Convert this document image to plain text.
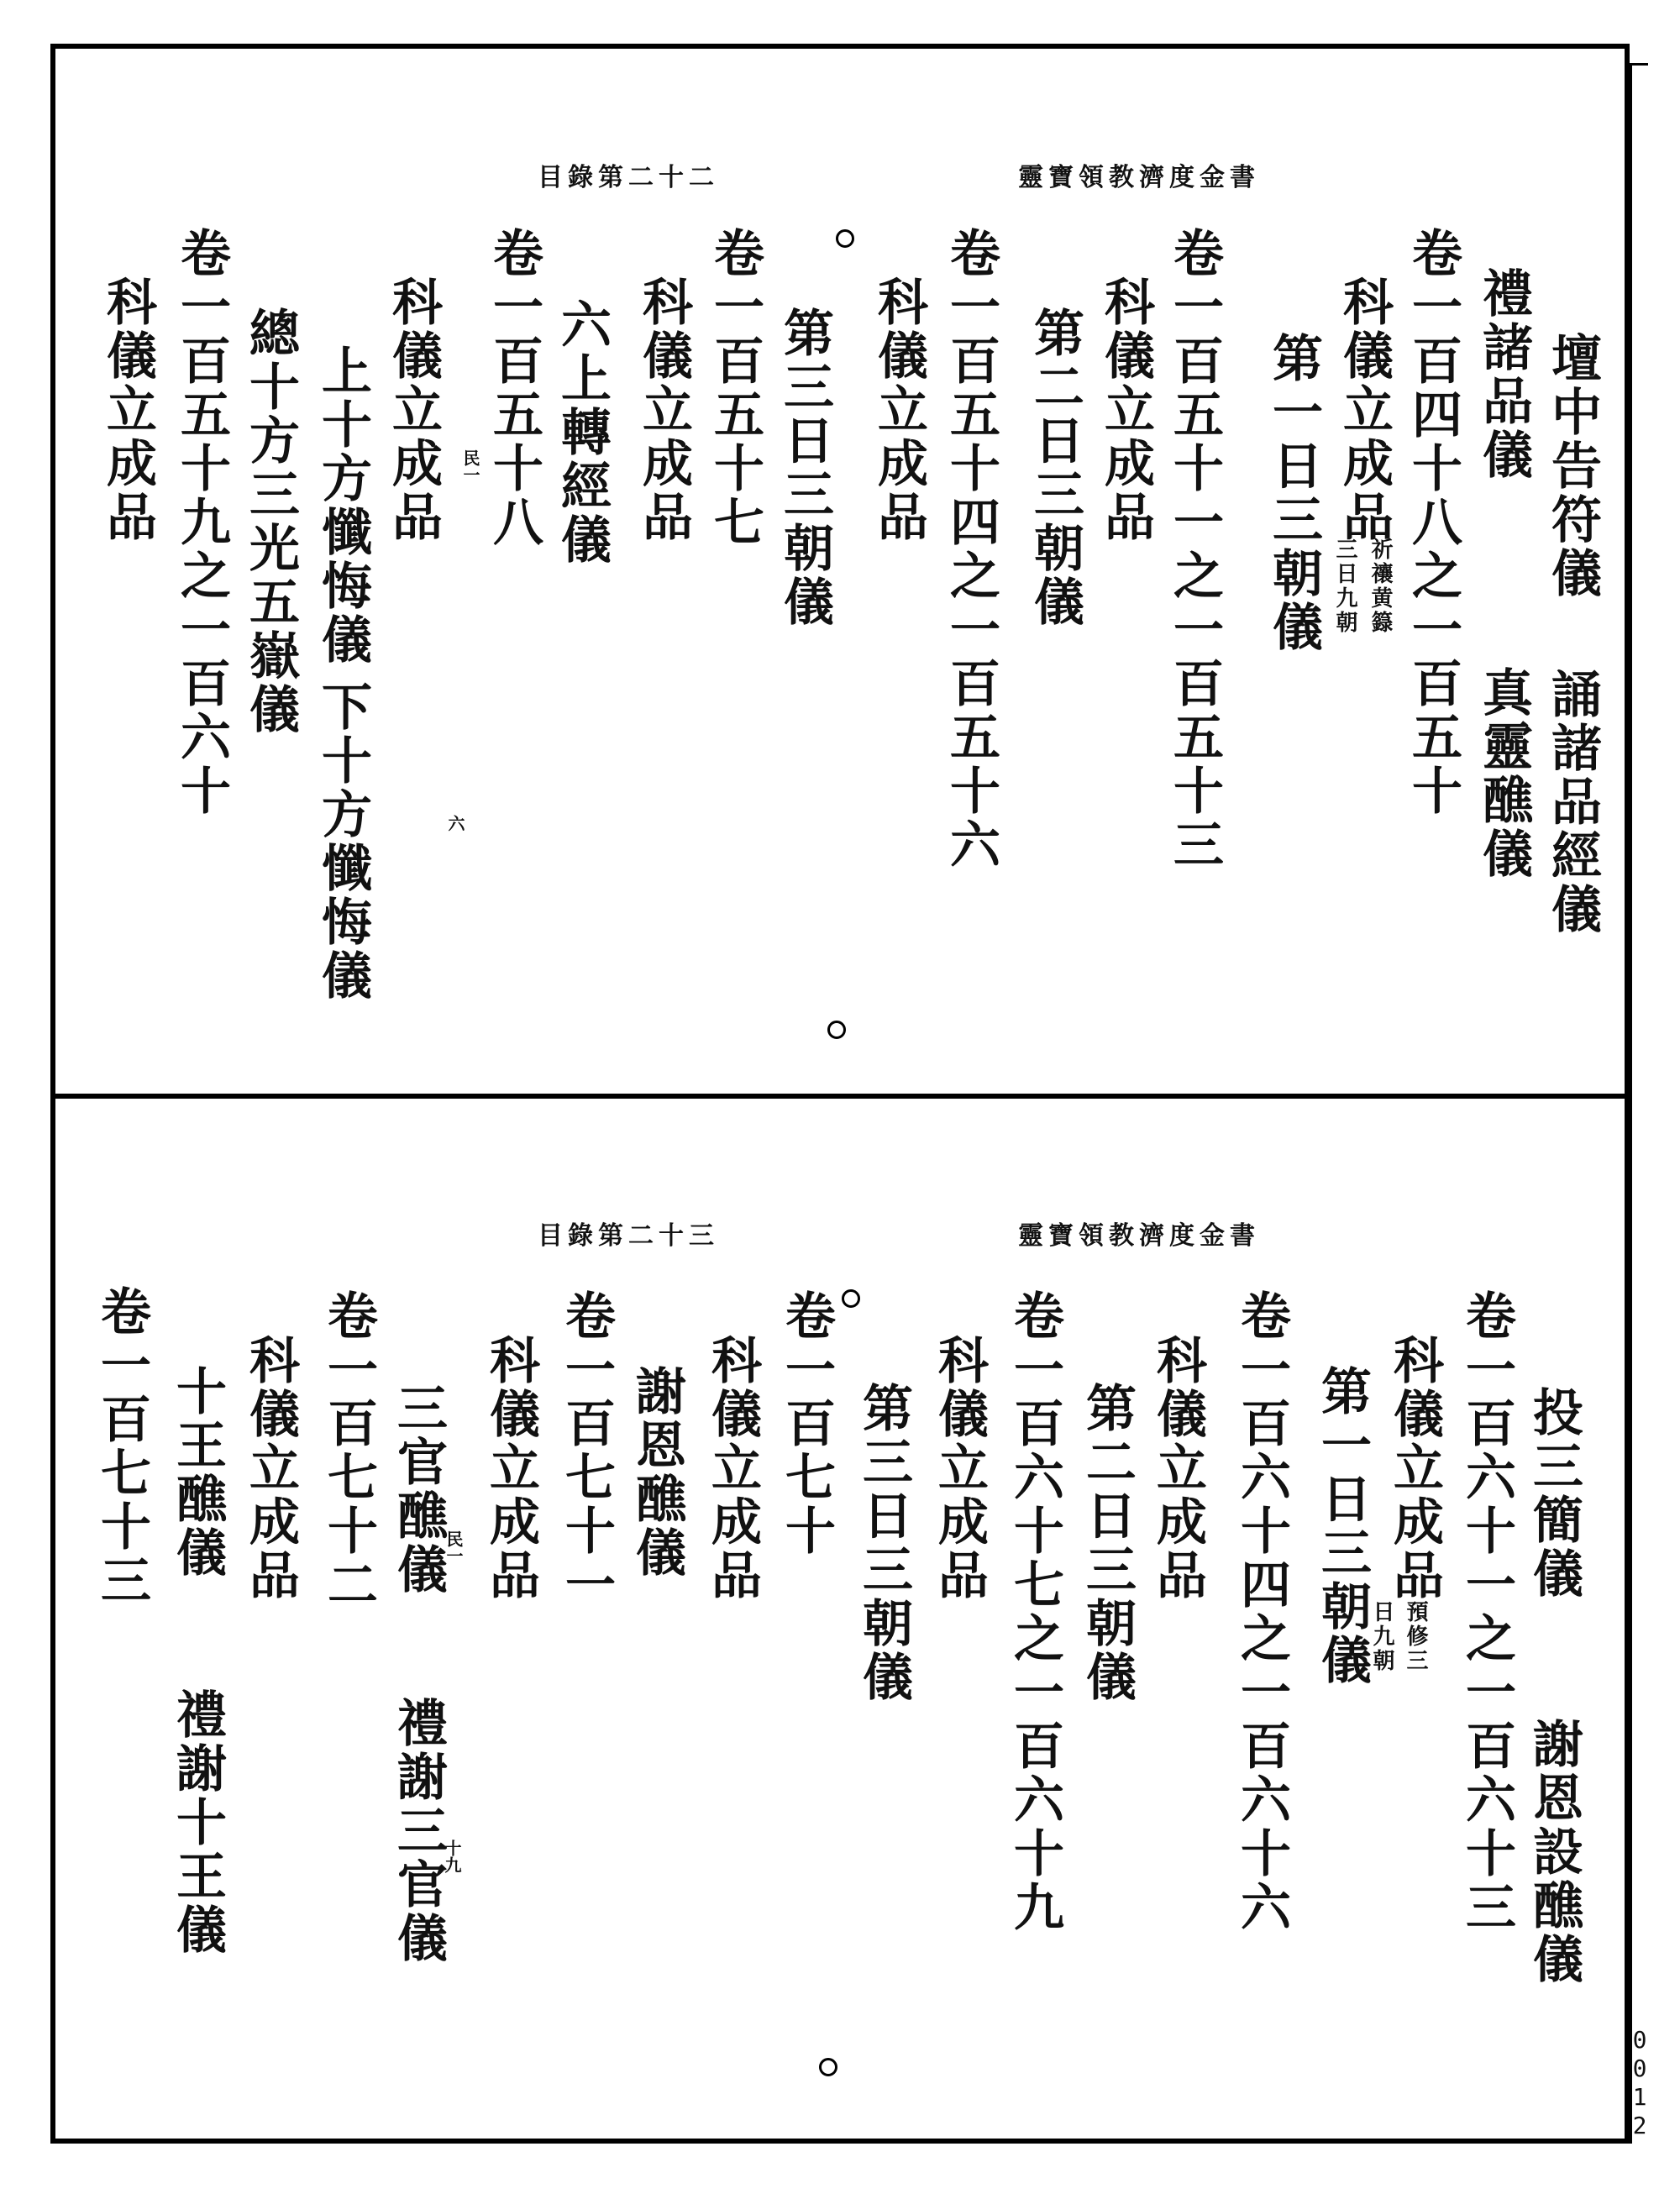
目錄第二十二	靈寶領教濟度金書
壇中告符儀
誦諸品經儀
禮諸品儀
真靈醮儀
卷一百四十八之一百五十
科儀立成品
祈禳黄籙
三日九朝
第一日三朝儀
卷一百五十一之一百五十三
科儀立成品
第二日三朝儀
卷一百五十四之一百五十六
科儀立成品
第三日三朝儀
卷一百五十七
科儀立成品
六上轉經儀
卷一百五十八
民一
科儀立成品
上十方懺悔儀
下十方懺悔儀	六
總十方三光五嶽儀
卷一百五十九之一百六十
科儀立成品
目錄第二十三	靈寶領教濟度金書
投三簡儀
謝恩設醮儀
卷一百六十一之一百六十三
科儀立成品
預修三
日九朝
第一日三朝儀
卷一百六十四之一百六十六
科儀立成品
第二日三朝儀
卷一百六十七之一百六十九
科儀立成品
第三日三朝儀
卷一百七十
科儀立成品
謝恩醮儀
卷一百七十一
科儀立成品
民一
三官醮儀
禮謝三官儀
十九
卷一百七十二
科儀立成品
十王醮儀
禮謝十王儀
卷一百七十三
0
0
1
2
